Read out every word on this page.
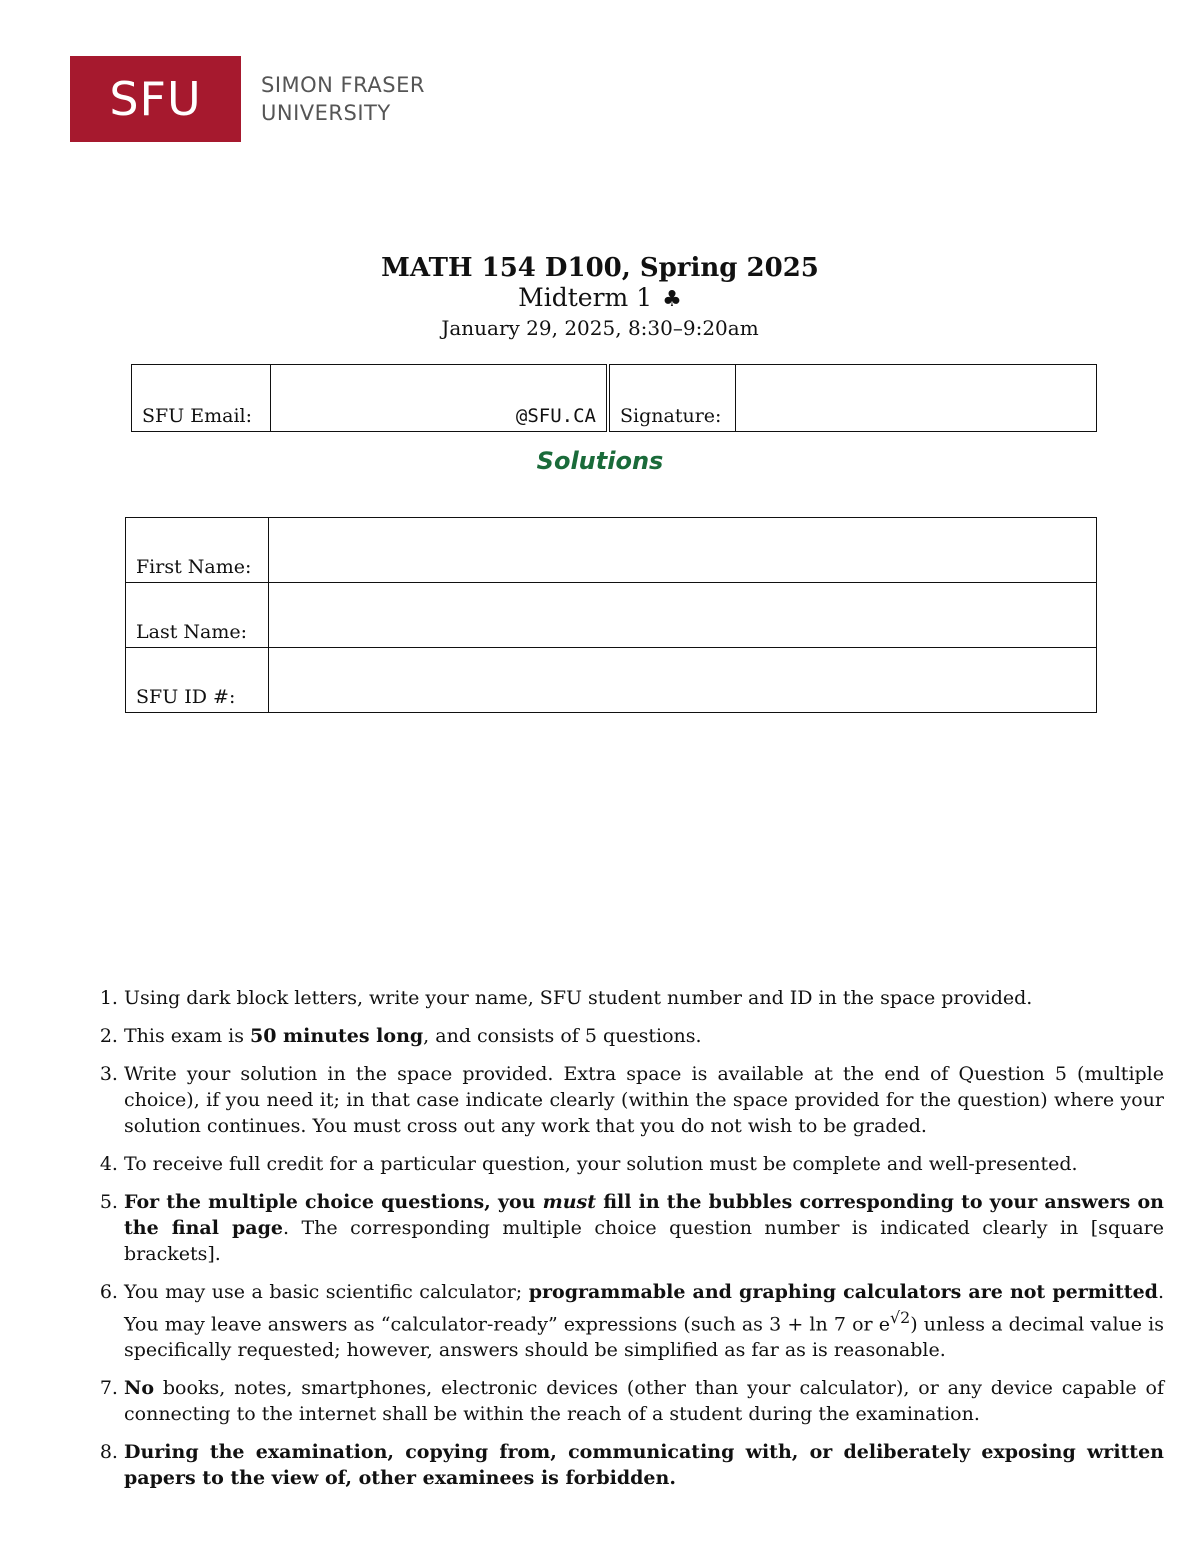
SFU	SIMON FRASER
UNIVERSITY
MATH 154 D100, Spring 2025
Midterm 1 ♣
January 29, 2025, 8:30–9:20am
SFU Email:	@SFU.CA	Signature:	
Solutions
First Name:	
Last Name:	
SFU ID #:	
1. Using dark block letters, write your name, SFU student number and ID in the space provided.
2. This exam is 50 minutes long, and consists of 5 questions.
3. Write your solution in the space provided. Extra space is available at the end of Question 5 (multiple choice), if you need it; in that case indicate clearly (within the space provided for the question) where your solution continues. You must cross out any work that you do not wish to be graded.
4. To receive full credit for a particular question, your solution must be complete and well-presented.
5. For the multiple choice questions, you must fill in the bubbles corresponding to your answers on the final page. The corresponding multiple choice question number is indicated clearly in [square brackets].
6. You may use a basic scientific calculator; programmable and graphing calculators are not permitted. You may leave answers as “calculator-ready” expressions (such as 3 + ln 7 or $e^{√2}$) unless a decimal value is specifically requested; however, answers should be simplified as far as is reasonable.
7. No books, notes, smartphones, electronic devices (other than your calculator), or any device capable of connecting to the internet shall be within the reach of a student during the examination.
8. During the examination, copying from, communicating with, or deliberately exposing written papers to the view of, other examinees is forbidden.
